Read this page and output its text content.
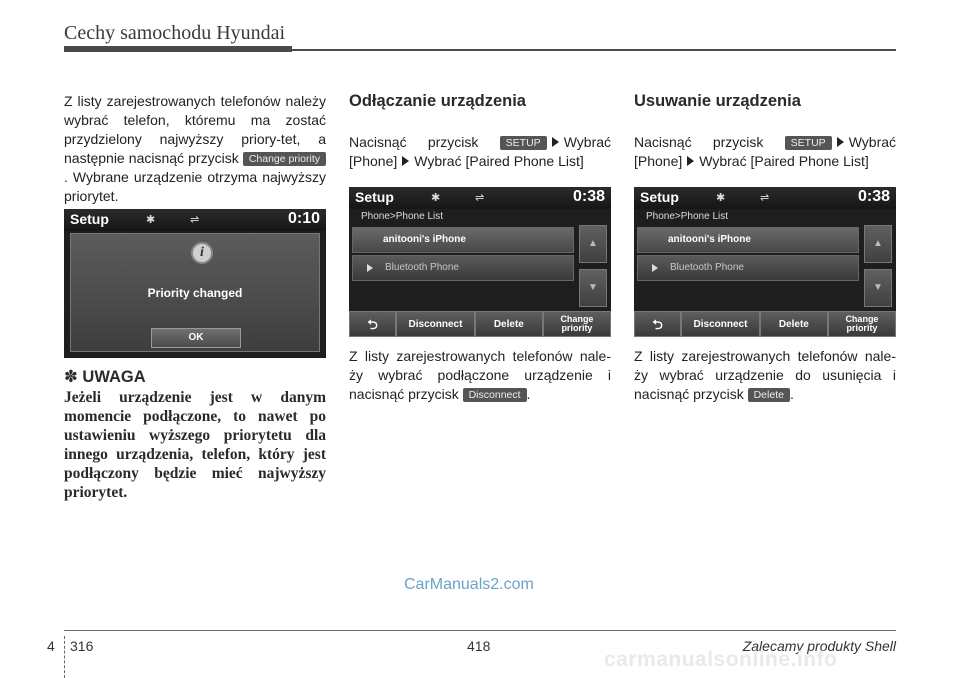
Cechy samochodu Hyundai

Z listy zarejestrowanych telefonów należy wybrać telefon, któremu ma zostać przydzielony najwyższy priory-tet, a następnie nacisnąć przycisk Change priority. Wybrane urządzenie otrzyma najwyższy priorytet.

Setup	✱	⇌	0:10
i
Priority changed
OK
✽ UWAGA
Jeżeli urządzenie jest w danym momencie podłączone, to nawet po ustawieniu wyższego priorytetu dla innego urządzenia, telefon, który jest podłączony będzie mieć najwyższy priorytet.
Odłączanie urządzenia

Nacisnąć przycisk	SETUP Wybrać [Phone] Wybrać [Paired Phone List]

Setup	✱	⇌	0:38
Phone>Phone List
anitooni's iPhone
Bluetooth Phone
▲
▼
⮌	Disconnect	Delete	Change priority

Z listy zarejestrowanych telefonów nale-ży wybrać podłączone urządzenie i nacisnąć przycisk Disconnect .

Usuwanie urządzenia

Nacisnąć przycisk	SETUP Wybrać [Phone] Wybrać [Paired Phone List]

Setup	✱	⇌	0:38
Phone>Phone List
anitooni's iPhone
Bluetooth Phone
▲
▼
⮌	Disconnect	Delete	Change priority

Z listy zarejestrowanych telefonów nale-ży wybrać urządzenie do usunięcia i nacisnąć przycisk Delete .

CarManuals2.com
4 316	418	Zalecamy produkty Shell
carmanualsonline.info
